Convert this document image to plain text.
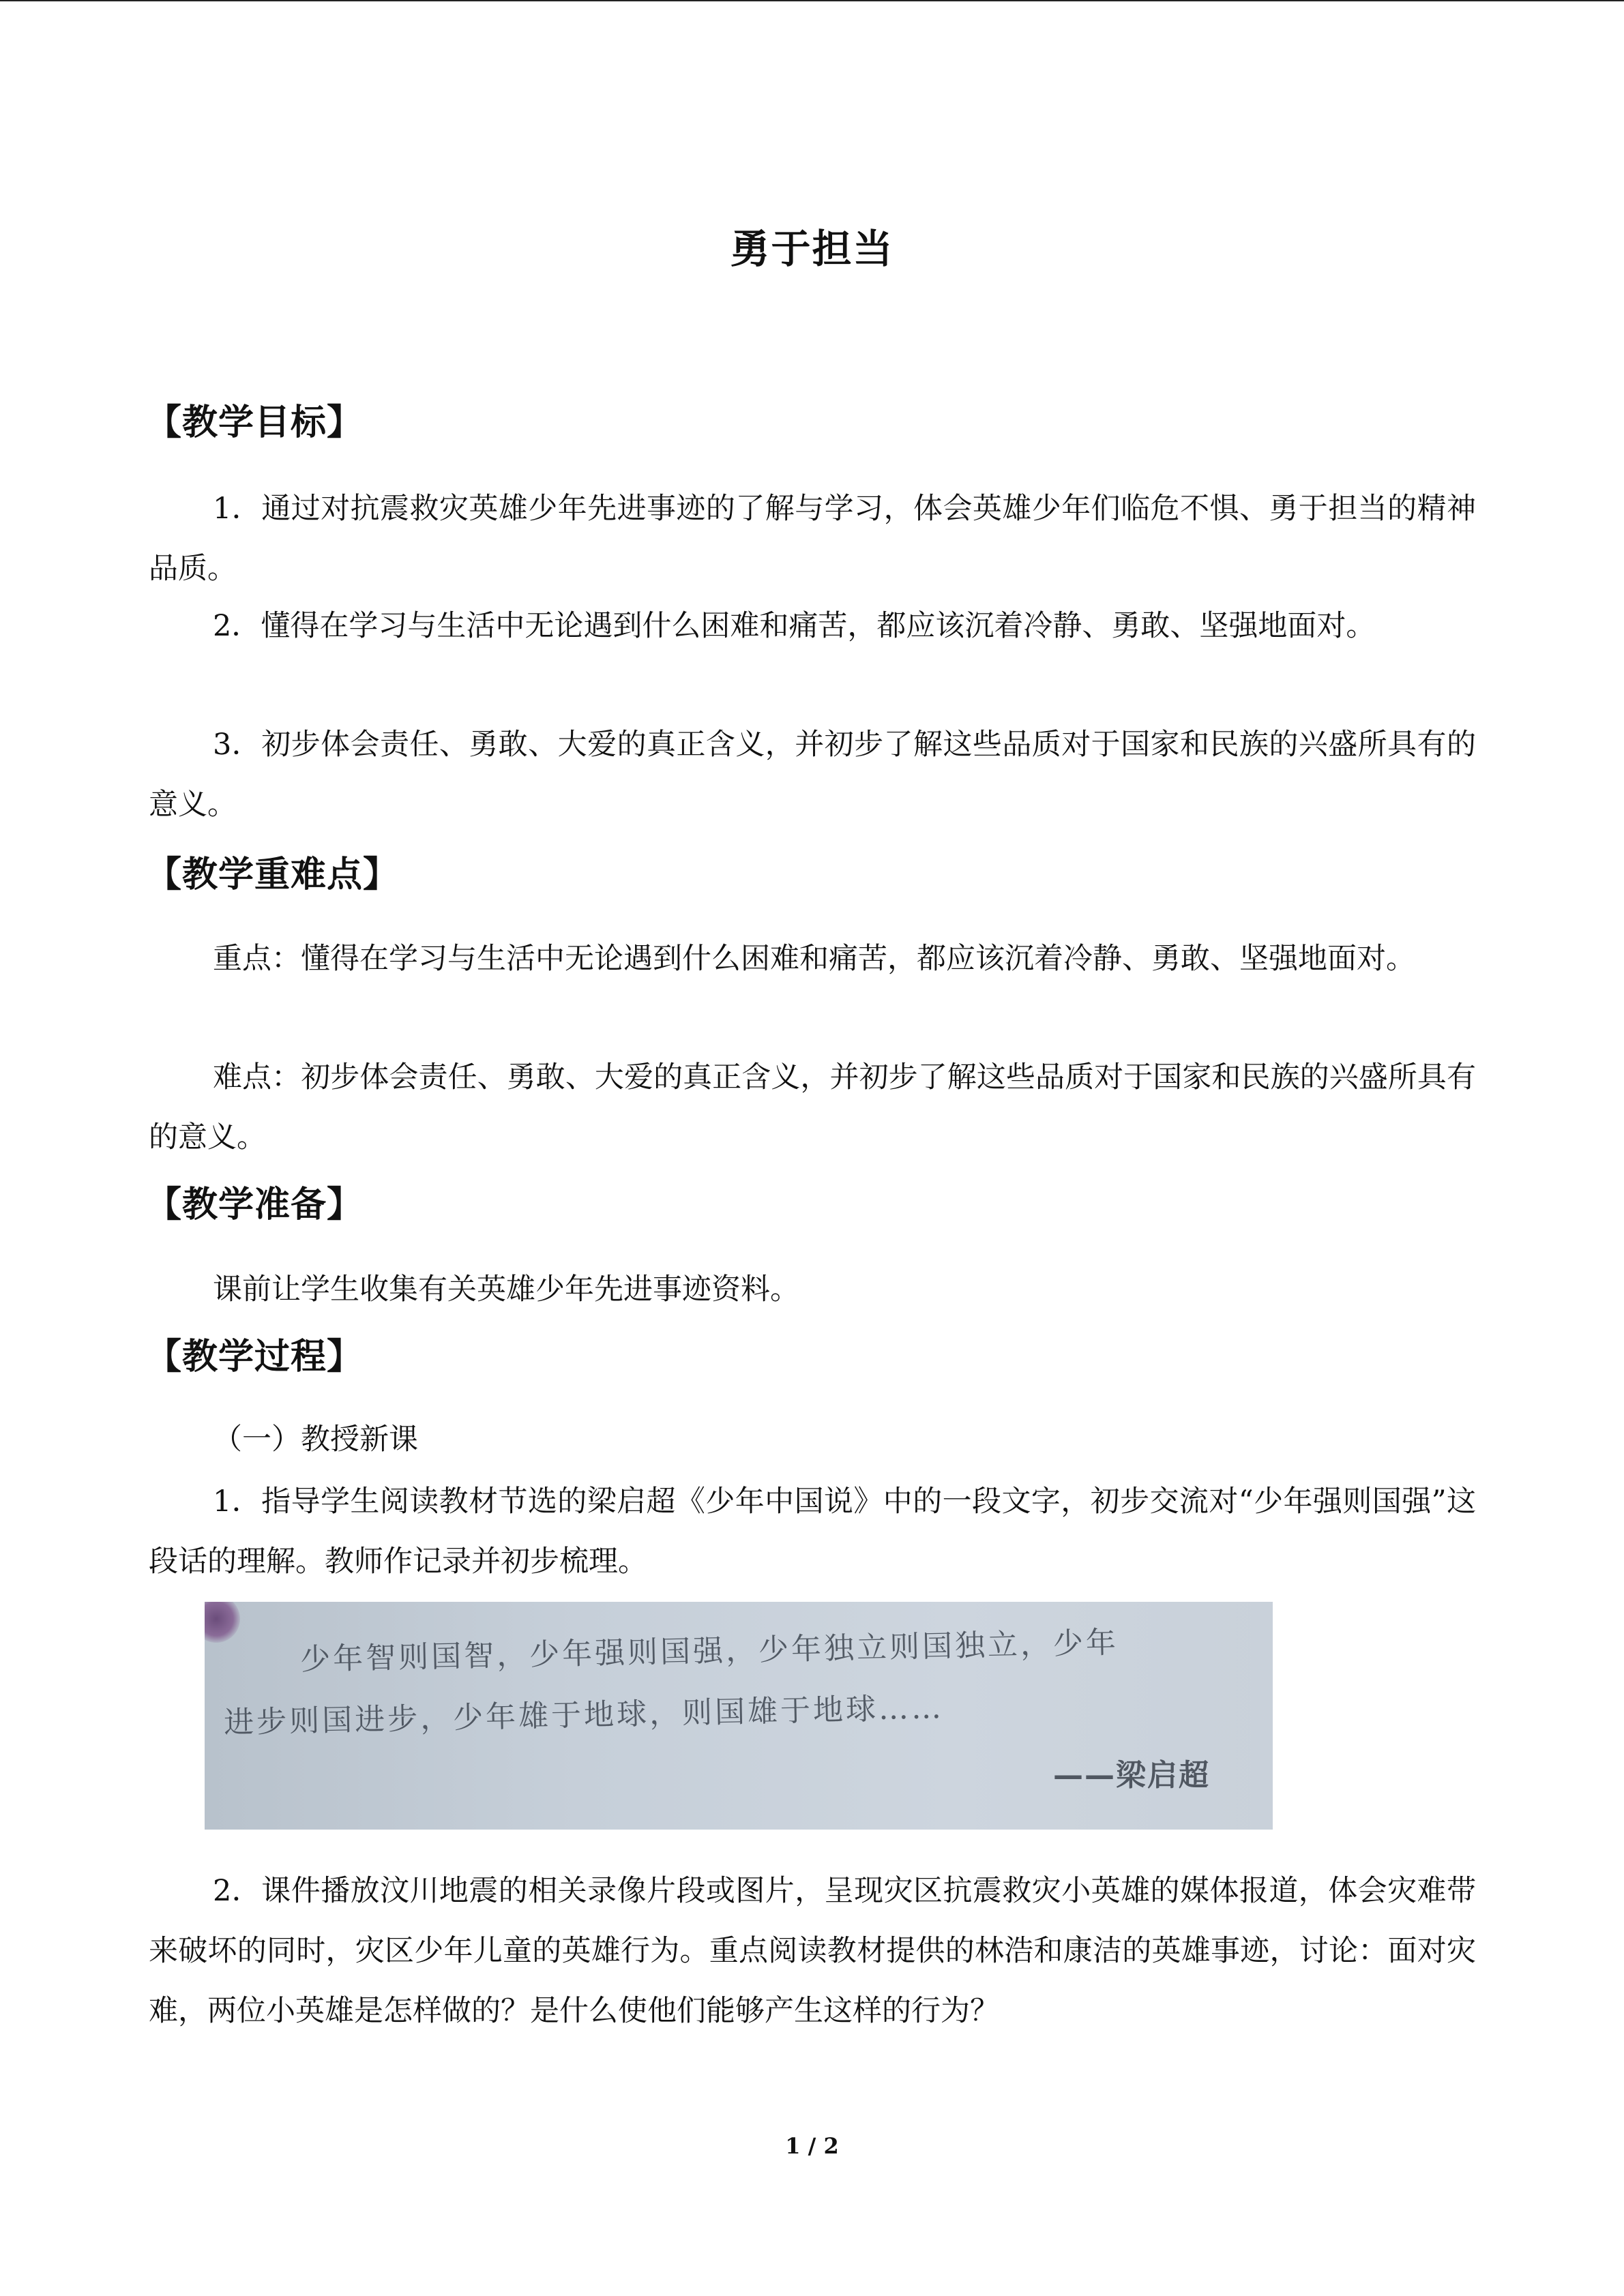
勇于担当
【教学目标】

1．通过对抗震救灾英雄少年先进事迹的了解与学习，体会英雄少年们临危不惧、勇于担当的精神品质。

2．懂得在学习与生活中无论遇到什么困难和痛苦，都应该沉着冷静、勇敢、坚强地面对。

3．初步体会责任、勇敢、大爱的真正含义，并初步了解这些品质对于国家和民族的兴盛所具有的意义。

【教学重难点】

重点：懂得在学习与生活中无论遇到什么困难和痛苦，都应该沉着冷静、勇敢、坚强地面对。

难点：初步体会责任、勇敢、大爱的真正含义，并初步了解这些品质对于国家和民族的兴盛所具有的意义。

【教学准备】

课前让学生收集有关英雄少年先进事迹资料。

【教学过程】

（一）教授新课

1．指导学生阅读教材节选的梁启超《少年中国说》中的一段文字，初步交流对“少年强则国强”这段话的理解。教师作记录并初步梳理。

少年智则国智，少年强则国强，少年独立则国独立，少年
进步则国进步，少年雄于地球，则国雄于地球……
——梁启超

2．课件播放汶川地震的相关录像片段或图片，呈现灾区抗震救灾小英雄的媒体报道，体会灾难带来破坏的同时，灾区少年儿童的英雄行为。重点阅读教材提供的林浩和康洁的英雄事迹，讨论：面对灾难，两位小英雄是怎样做的？是什么使他们能够产生这样的行为？

1 / 2
